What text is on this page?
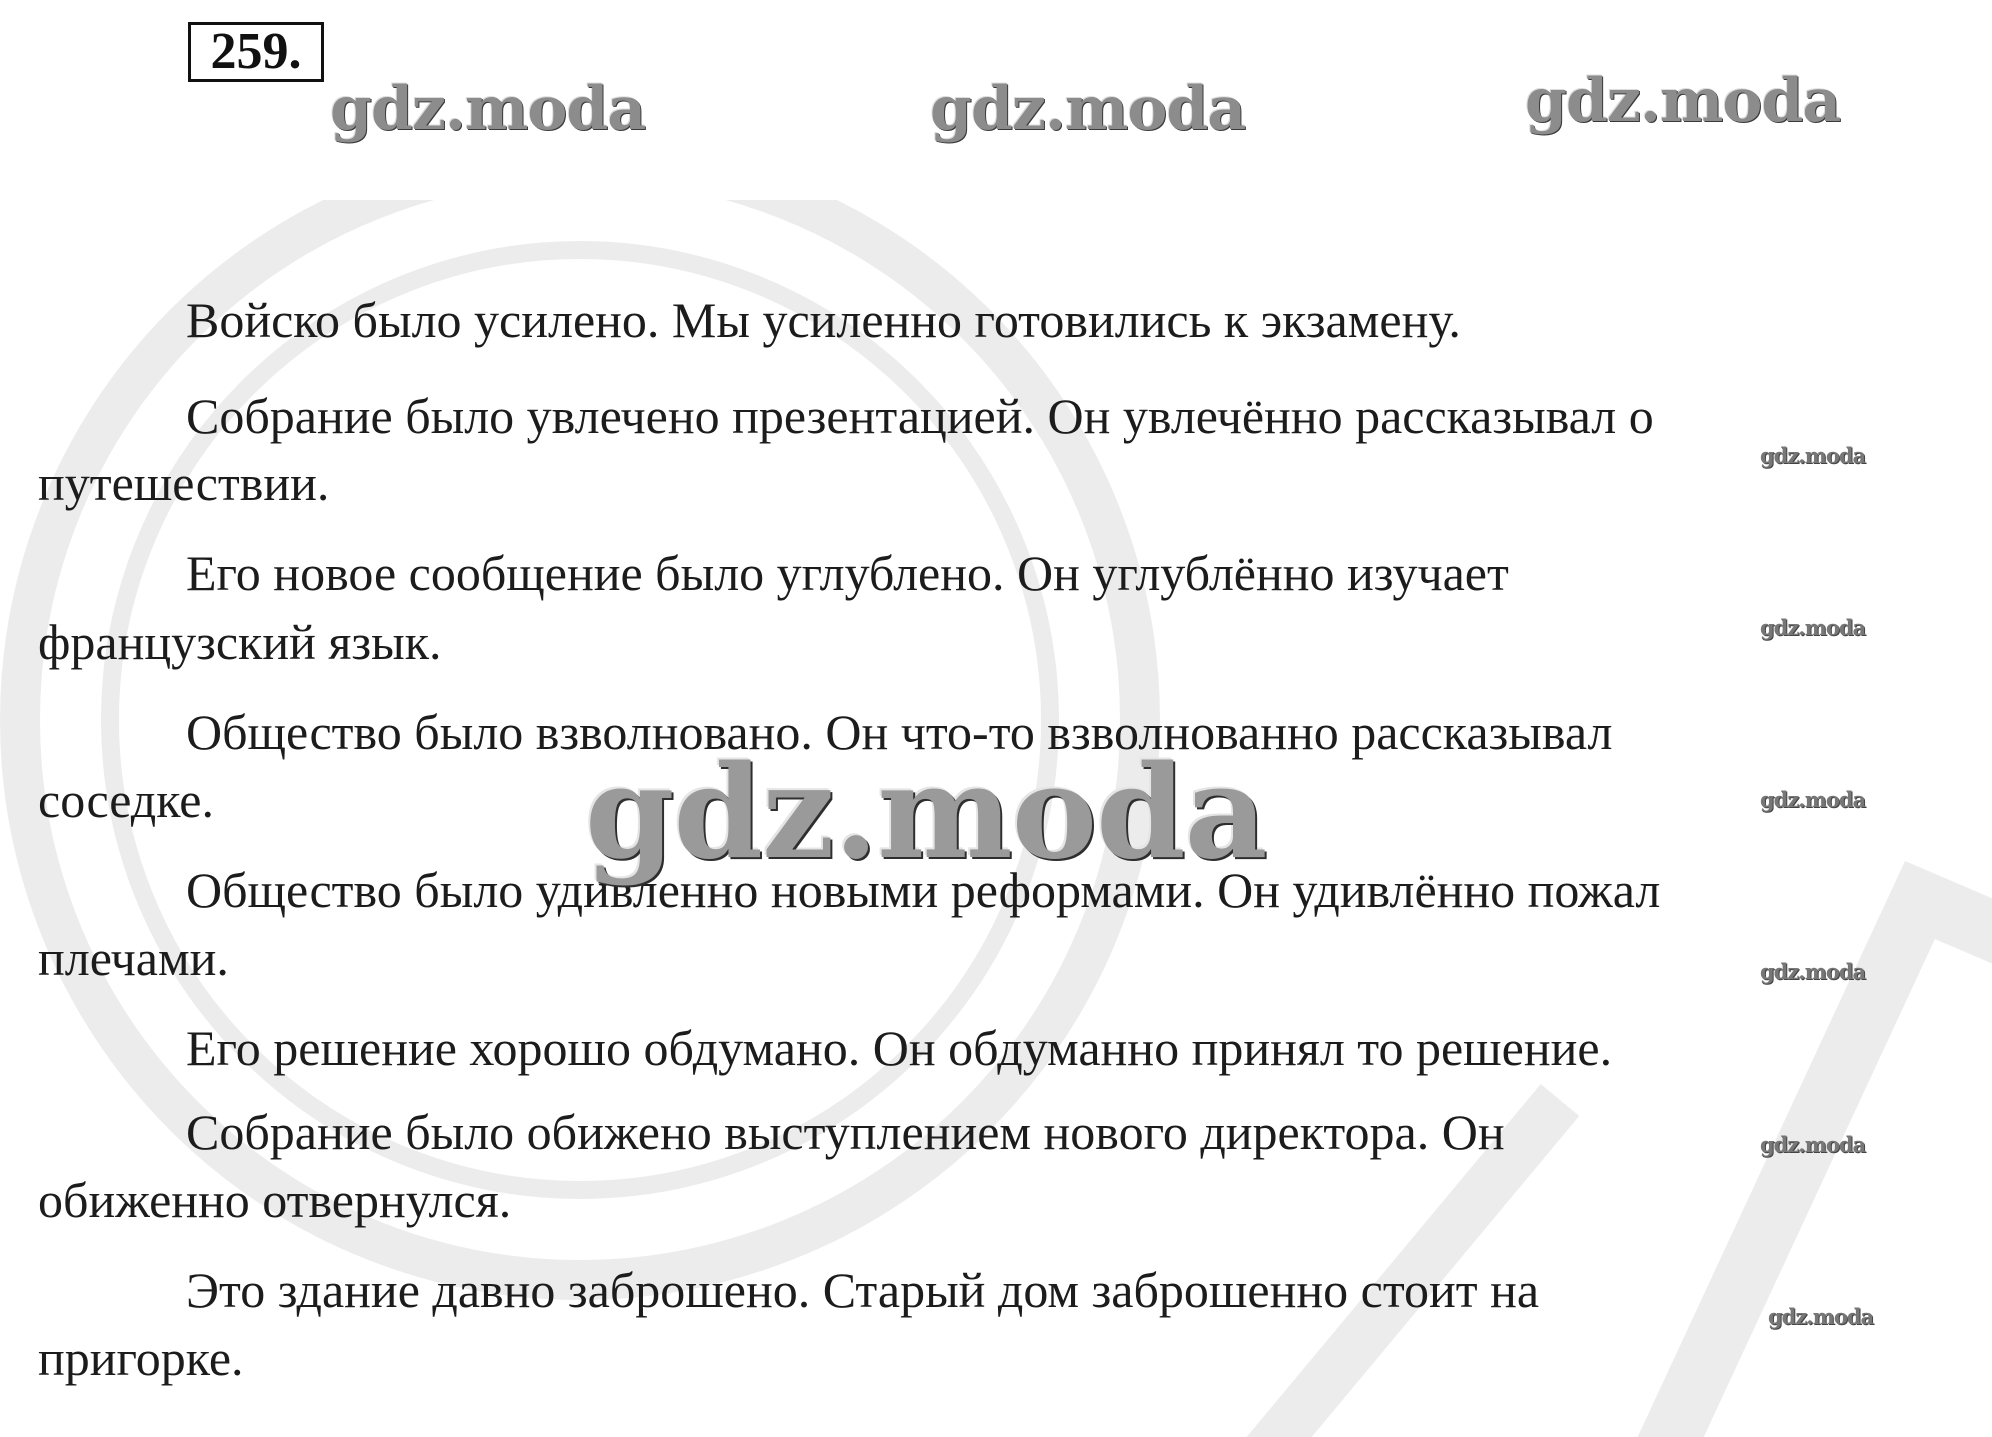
259.
gdz.moda	gdz.moda	gdz.moda
Войско было усилено. Мы усиленно готовились к экзамену.
Собрание было увлечено презентацией. Он увлечённо рассказывал о
путешествии.
Его новое сообщение было углублено. Он углублённо изучает
французский язык.
Общество было взволновано. Он что-то взволнованно рассказывал
соседке.
Общество было удивленно новыми реформами. Он удивлённо пожал
плечами.
Его решение хорошо обдумано. Он обдуманно принял то решение.
Собрание было обижено выступлением нового директора. Он
обиженно отвернулся.
Это здание давно заброшено. Старый дом заброшенно стоит на
пригорке.
gdz.moda
gdz.moda
gdz.moda
gdz.moda
gdz.moda
gdz.moda
gdz.moda
